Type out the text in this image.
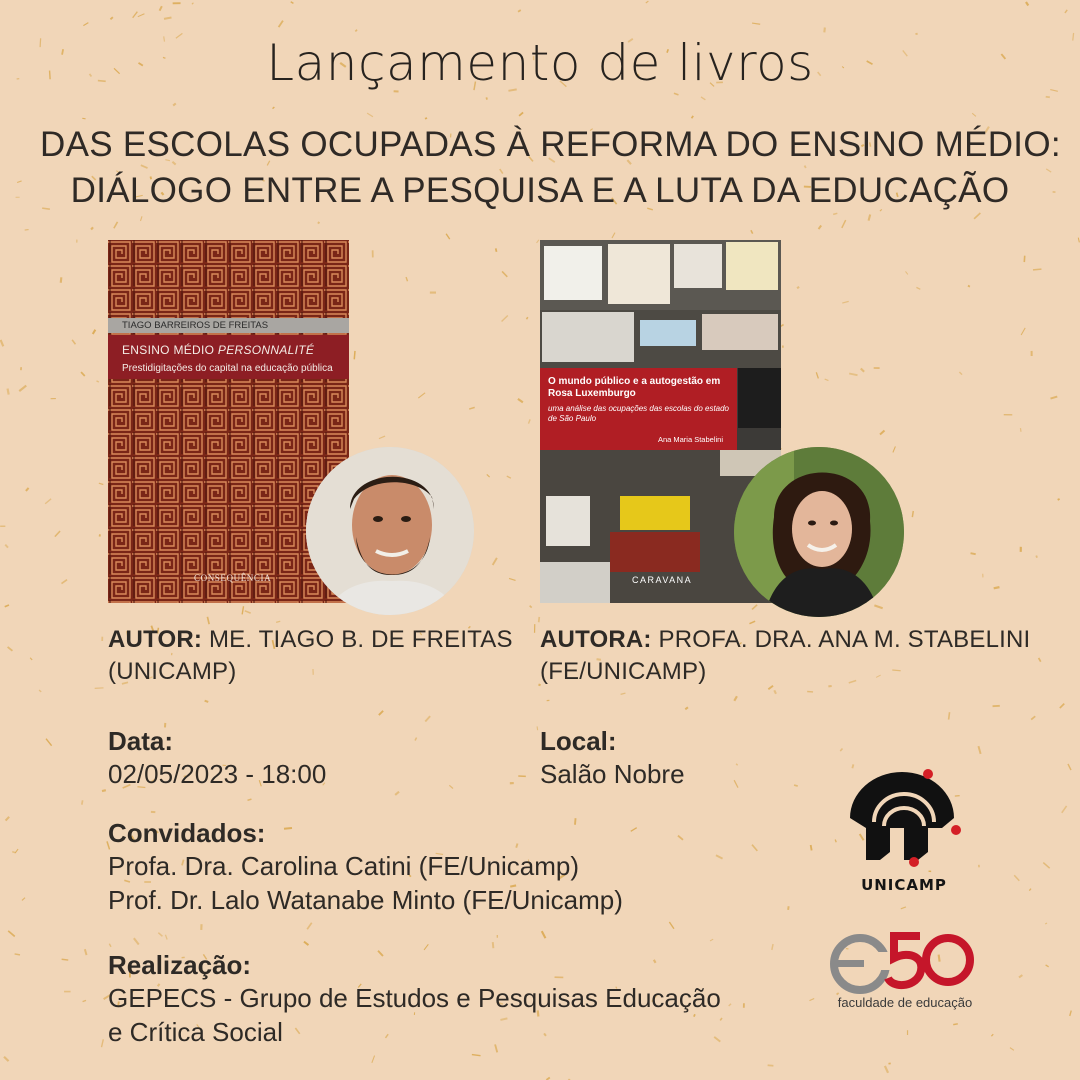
Lançamento de livros
DAS ESCOLAS OCUPADAS À REFORMA DO ENSINO MÉDIO:
DIÁLOGO ENTRE A PESQUISA E A LUTA DA EDUCAÇÃO
TIAGO BARREIROS DE FREITAS
ENSINO MÉDIO PERSONNALITÉ
Prestidigitações do capital na educação pública
CONSEQUÊNCIA
O mundo público e a autogestão em Rosa Luxemburgo
uma análise das ocupações das escolas do estado de São Paulo
Ana Maria Stabelini
CARAVANA
AUTOR: ME. TIAGO B. DE FREITAS
(UNICAMP)
AUTORA: PROFA. DRA. ANA M. STABELINI
(FE/UNICAMP)
Data:
02/05/2023 - 18:00
Local:
Salão Nobre
Convidados:
Profa. Dra. Carolina Catini (FE/Unicamp)
Prof. Dr. Lalo Watanabe Minto (FE/Unicamp)
Realização:
GEPECS - Grupo de Estudos e Pesquisas Educação
e Crítica Social
UNICAMP
faculdade de educação
